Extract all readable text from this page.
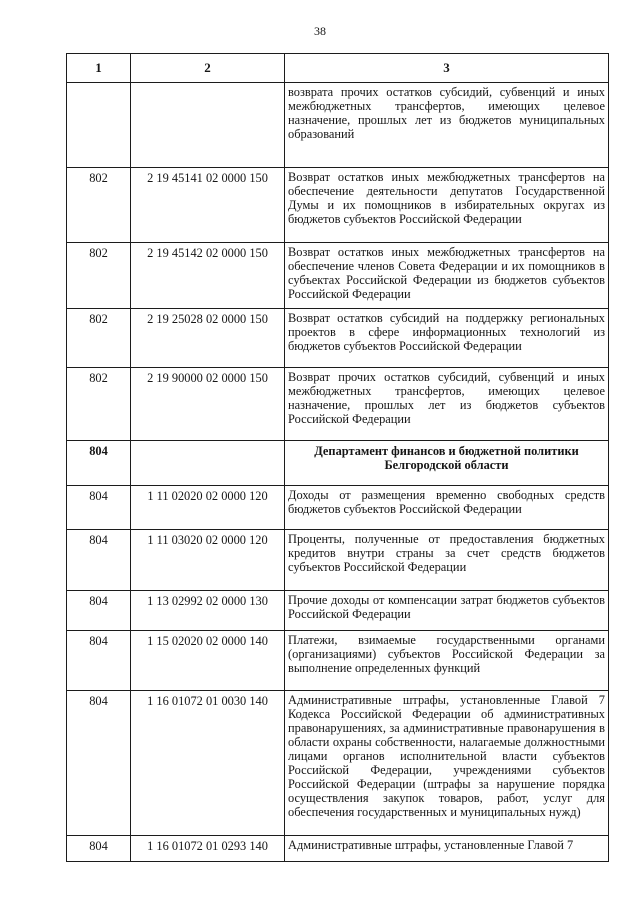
38
1	2	3

		возврата прочих остатков субсидий, субвенций и иных межбюджетных трансфертов, имеющих целевое назначение, прошлых лет из бюджетов муниципальных образований

802	2 19 45141 02 0000 150	Возврат остатков иных межбюджетных трансфертов на обеспечение деятельности депутатов Государственной Думы и их помощников в избирательных округах из бюджетов субъектов Российской Федерации

802	2 19 45142 02 0000 150	Возврат остатков иных межбюджетных трансфертов на обеспечение членов Совета Федерации и их помощников в субъектах Российской Федерации из бюджетов субъектов Российской Федерации

802	2 19 25028 02 0000 150	Возврат остатков субсидий на поддержку региональных проектов в сфере информационных технологий из бюджетов субъектов Российской Федерации

802	2 19 90000 02 0000 150	Возврат прочих остатков субсидий, субвенций и иных межбюджетных трансфертов, имеющих целевое назначение, прошлых лет из бюджетов субъектов Российской Федерации

804		Департамент финансов и бюджетной политики Белгородской области

804	1 11 02020 02 0000 120	Доходы от размещения временно свободных средств бюджетов субъектов Российской Федерации

804	1 11 03020 02 0000 120	Проценты, полученные от предоставления бюджетных кредитов внутри страны за счет средств бюджетов субъектов Российской Федерации

804	1 13 02992 02 0000 130	Прочие доходы от компенсации затрат бюджетов субъектов Российской Федерации

804	1 15 02020 02 0000 140	Платежи, взимаемые государственными органами (организациями) субъектов Российской Федерации за выполнение определенных функций

804	1 16 01072 01 0030 140	Административные штрафы, установленные Главой 7 Кодекса Российской Федерации об административных правонарушениях, за административные правонарушения в области охраны собственности, налагаемые должностными лицами органов исполнительной власти субъектов Российской Федерации, учреждениями субъектов Российской Федерации (штрафы за нарушение порядка осуществления закупок товаров, работ, услуг для обеспечения государственных и муниципальных нужд)

804	1 16 01072 01 0293 140	Административные штрафы, установленные Главой 7
